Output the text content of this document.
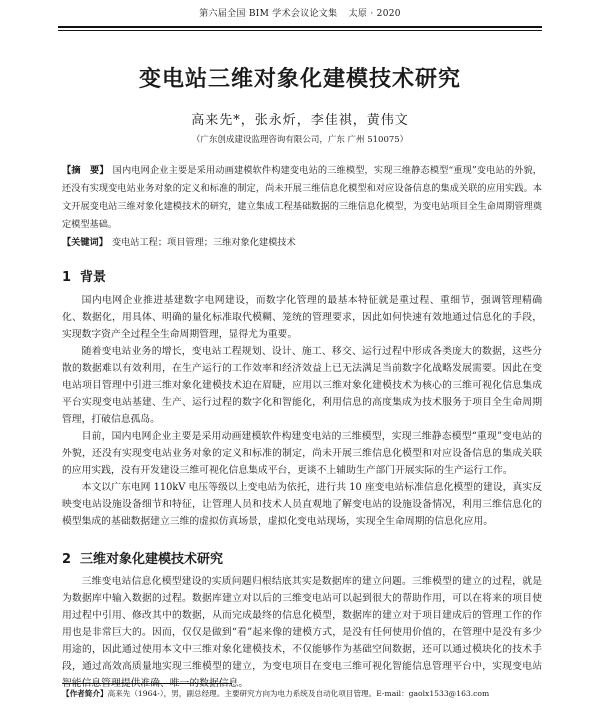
第六届全国 BIM 学术会议论文集 太原 · 2020
变电站三维对象化建模技术研究
高来先*，张永炘，李佳祺，黄伟文
（广东创成建设监理咨询有限公司，广东 广州 510075）
【摘　要】 国内电网企业主要是采用动画建模软件构建变电站的三维模型，实现三维静态模型“重现”变电站的外貌，还没有实现变电站业务对象的定义和标准的制定，尚未开展三维信息化模型和对应设备信息的集成关联的应用实践。本文开展变电站三维对象化建模技术的研究，建立集成工程基础数据的三维信息化模型，为变电站项目全生命周期管理奠定模型基础。
【关键词】 变电站工程；项目管理；三维对象化建模技术
1 背景

国内电网企业推进基建数字电网建设，而数字化管理的最基本特征就是重过程、重细节，强调管理精确化、数据化，用具体、明确的量化标准取代模糊、笼统的管理要求，因此如何快速有效地通过信息化的手段，实现数字资产全过程全生命周期管理，显得尤为重要。

随着变电站业务的增长，变电站工程规划、设计、施工、移交、运行过程中形成各类庞大的数据，这些分散的数据难以有效利用，在生产运行的工作效率和经济效益上已无法满足当前数字化战略发展需要。因此在变电站项目管理中引进三维对象化建模技术迫在眉睫，应用以三维对象化建模技术为核心的三维可视化信息集成平台实现变电站基建、生产、运行过程的数字化和智能化，利用信息的高度集成为技术服务于项目全生命周期管理，打破信息孤岛。

目前，国内电网企业主要是采用动画建模软件构建变电站的三维模型，实现三维静态模型“重现”变电站的外貌，还没有实现变电站业务对象的定义和标准的制定，尚未开展三维信息化模型和对应设备信息的集成关联的应用实践，没有开发建设三维可视化信息集成平台，更谈不上辅助生产部门开展实际的生产运行工作。

本文以广东电网 110kV 电压等级以上变电站为依托，进行共 10 座变电站标准信息化模型的建设，真实反映变电站设施设备细节和特征，让管理人员和技术人员直观地了解变电站的设施设备情况，利用三维信息化的模型集成的基础数据建立三维的虚拟仿真场景，虚拟化变电站现场，实现全生命周期的信息化应用。

2 三维对象化建模技术研究

三维变电站信息化模型建设的实质问题归根结底其实是数据库的建立问题。三维模型的建立的过程，就是为数据库中输入数据的过程。数据库建立对以后的三维变电站可以起到很大的帮助作用，可以在将来的项目使用过程中引用、修改其中的数据，从而完成最终的信息化模型，数据库的建立对于项目建成后的管理工作的作用也是非常巨大的。因而，仅仅是做到“看”起来像的建模方式，是没有任何使用价值的，在管理中是没有多少用途的，因此通过使用本文中三维对象化建模技术，不仅能够作为基础空间数据，还可以通过模块化的技术手段，通过高效高质量地实现三维模型的建立，为变电项目在变电三维可视化智能信息管理平台中，实现变电站智能信息管理提供准确、唯一的数据信息。

【作者简介】高来先（1964-），男，副总经理。主要研究方向为电力系统及自动化项目管理。E-mail：gaolx1533@163.com
